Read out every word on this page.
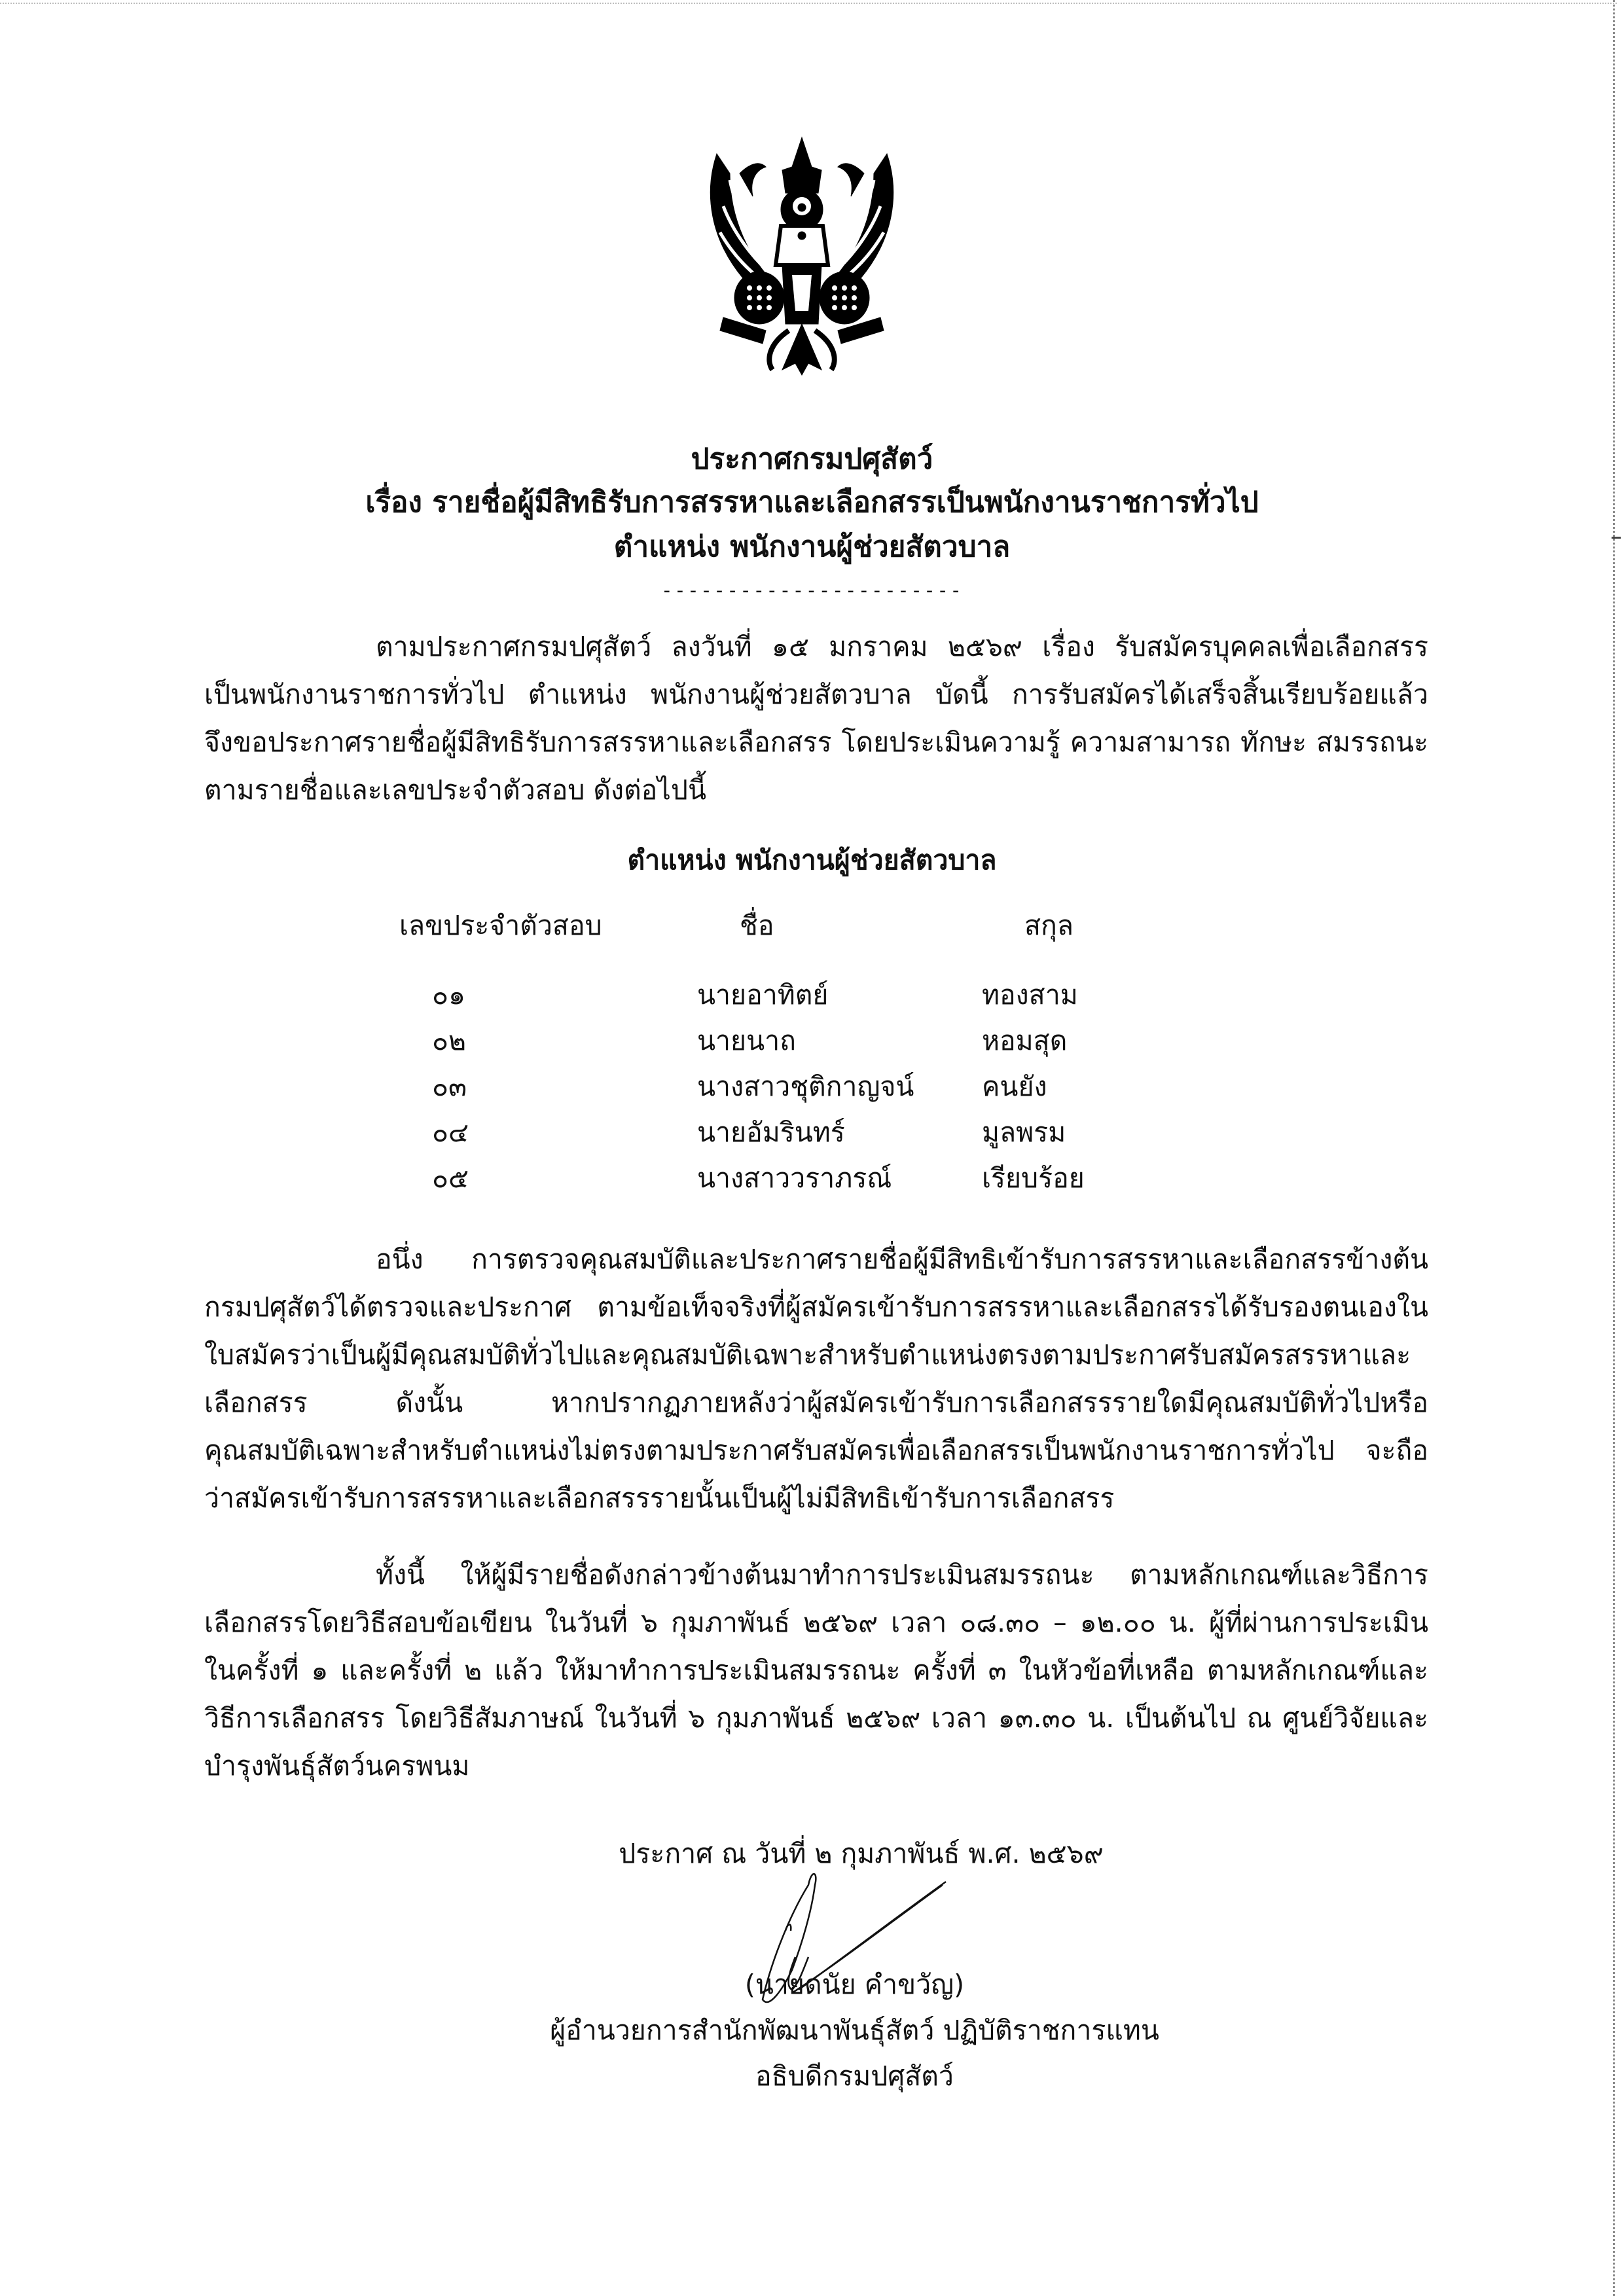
ประกาศกรมปศุสัตว์
เรื่อง รายชื่อผู้มีสิทธิรับการสรรหาและเลือกสรรเป็นพนักงานราชการทั่วไป
ตำแหน่ง พนักงานผู้ช่วยสัตวบาล
-----------------------

ตามประกาศกรมปศุสัตว์ ลงวันที่ ๑๕ มกราคม ๒๕๖๙ เรื่อง รับสมัครบุคคลเพื่อเลือกสรร

เป็นพนักงานราชการทั่วไป ตำแหน่ง พนักงานผู้ช่วยสัตวบาล บัดนี้ การรับสมัครได้เสร็จสิ้นเรียบร้อยแล้ว

จึงขอประกาศรายชื่อผู้มีสิทธิรับการสรรหาและเลือกสรร โดยประเมินความรู้ ความสามารถ ทักษะ สมรรถนะ

ตามรายชื่อและเลขประจำตัวสอบ ดังต่อไปนี้

ตำแหน่ง พนักงานผู้ช่วยสัตวบาล
เลขประจำตัวสอบ	ชื่อ	สกุล
๐๑	นายอาทิตย์	ทองสาม
๐๒	นายนาถ	หอมสุด
๐๓	นางสาวชุติกาญจน์	คนยัง
๐๔	นายอัมรินทร์	มูลพรม
๐๕	นางสาววราภรณ์	เรียบร้อย

อนึ่ง การตรวจคุณสมบัติและประกาศรายชื่อผู้มีสิทธิเข้ารับการสรรหาและเลือกสรรข้างต้น

กรมปศุสัตว์ได้ตรวจและประกาศ ตามข้อเท็จจริงที่ผู้สมัครเข้ารับการสรรหาและเลือกสรรได้รับรองตนเองใน

ใบสมัครว่าเป็นผู้มีคุณสมบัติทั่วไปและคุณสมบัติเฉพาะสำหรับตำแหน่งตรงตามประกาศรับสมัครสรรหาและ

เลือกสรร ดังนั้น หากปรากฏภายหลังว่าผู้สมัครเข้ารับการเลือกสรรรายใดมีคุณสมบัติทั่วไปหรือ

คุณสมบัติเฉพาะสำหรับตำแหน่งไม่ตรงตามประกาศรับสมัครเพื่อเลือกสรรเป็นพนักงานราชการทั่วไป จะถือ

ว่าสมัครเข้ารับการสรรหาและเลือกสรรรายนั้นเป็นผู้ไม่มีสิทธิเข้ารับการเลือกสรร

ทั้งนี้ ให้ผู้มีรายชื่อดังกล่าวข้างต้นมาทำการประเมินสมรรถนะ ตามหลักเกณฑ์และวิธีการ

เลือกสรรโดยวิธีสอบข้อเขียน ในวันที่ ๖ กุมภาพันธ์ ๒๕๖๙ เวลา ๐๘.๓๐ – ๑๒.๐๐ น. ผู้ที่ผ่านการประเมิน

ในครั้งที่ ๑ และครั้งที่ ๒ แล้ว ให้มาทำการประเมินสมรรถนะ ครั้งที่ ๓ ในหัวข้อที่เหลือ ตามหลักเกณฑ์และ

วิธีการเลือกสรร โดยวิธีสัมภาษณ์ ในวันที่ ๖ กุมภาพันธ์ ๒๕๖๙ เวลา ๑๓.๓๐ น. เป็นต้นไป ณ ศูนย์วิจัยและ

บำรุงพันธุ์สัตว์นครพนม

ประกาศ ณ วันที่ ๒ กุมภาพันธ์ พ.ศ. ๒๕๖๙
(นายดนัย คำขวัญ)
ผู้อำนวยการสำนักพัฒนาพันธุ์สัตว์ ปฏิบัติราชการแทน
อธิบดีกรมปศุสัตว์
